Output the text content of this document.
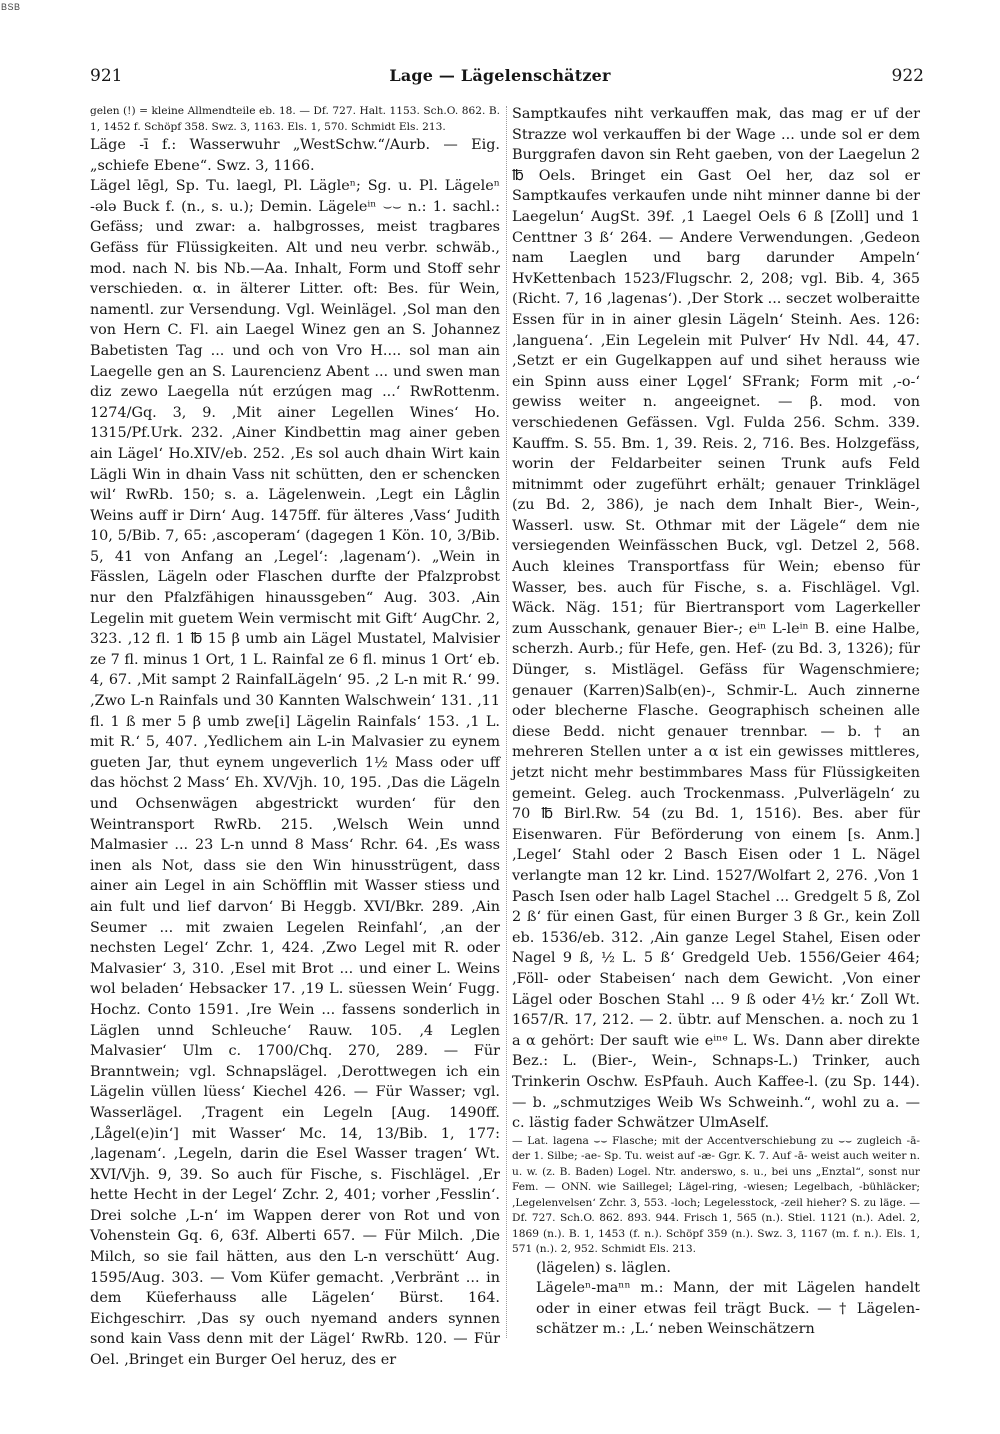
BSB
921	Lage — Lägelenschätzer	922

gelen (!) = kleine Allmendteile eb. 18. — Df. 727. Halt. 1153. Sch.O. 862. B. 1, 1452 f. Schöpf 358. Swz. 3, 1163. Els. 1, 570. Schmidt Els. 213.

Läge -ī f.: Wasserwuhr „WestSchw.“/Aurb. — Eig. „schiefe Ebene“. Swz. 3, 1166.

Lägel lēgl, Sp. Tu. laegl, Pl. Lägleⁿ; Sg. u. Pl. Lägeleⁿ -ələ Buck f. (n., s. u.); Demin. Lägeleⁱⁿ ⌣⌣ n.: 1. sachl.: Gefäss; und zwar: a. halbgrosses, meist tragbares Gefäss für Flüssigkeiten. Alt und neu verbr. schwäb., mod. nach N. bis Nb.—Aa. Inhalt, Form und Stoff sehr verschieden. α. in älterer Litter. oft: Bes. für Wein, namentl. zur Versendung. Vgl. Weinlägel. ‚Sol man den von Hern C. Fl. ain Laegel Winez gen an S. Johannez Babetisten Tag ... und och von Vro H.... sol man ain Laegelle gen an S. Laurencienz Abent ... und swen man diz zewo Laegella nút erzúgen mag ...‘ RwRottenm. 1274/Gq. 3, 9. ‚Mit ainer Legellen Wines‘ Ho. 1315/Pf.Urk. 232. ‚Ainer Kindbettin mag ainer geben ain Lägel‘ Ho.XIV/eb. 252. ‚Es sol auch dhain Wirt kain Lägli Win in dhain Vass nit schütten, den er schencken wil‘ RwRb. 150; s. a. Lägelenwein. ‚Legt ein Låglin Weins auff ir Dirn‘ Aug. 1475ff. für älteres ‚Vass‘ Judith 10, 5/Bib. 7, 65: ‚ascoperam‘ (dagegen 1 Kön. 10, 3/Bib. 5, 41 von Anfang an ‚Legel‘: ‚lagenam‘). „Wein in Fässlen, Lägeln oder Flaschen durfte der Pfalzprobst nur den Pfalzfähigen hinaussgeben“ Aug. 303. ‚Ain Legelin mit guetem Wein vermischt mit Gift‘ AugChr. 2, 323. ‚12 fl. 1 ℔ 15 β umb ain Lägel Mustatel, Malvisier ze 7 fl. minus 1 Ort, 1 L. Rainfal ze 6 fl. minus 1 Ort‘ eb. 4, 67. ‚Mit sampt 2 RainfalLägeln‘ 95. ‚2 L-n mit R.‘ 99. ‚Zwo L-n Rainfals und 30 Kannten Walschwein‘ 131. ‚11 fl. 1 ß mer 5 β umb zwe[i] Lägelin Rainfals‘ 153. ‚1 L. mit R.‘ 5, 407. ‚Yedlichem ain L-in Malvasier zu eynem gueten Jar, thut eynem ungeverlich 1½ Mass oder uff das höchst 2 Mass‘ Eh. XV/Vjh. 10, 195. ‚Das die Lägeln und Ochsenwägen abgestrickt wurden‘ für den Weintransport RwRb. 215. ‚Welsch Wein unnd Malmasier ... 23 L-n unnd 8 Mass‘ Rchr. 64. ‚Es wass inen als Not, dass sie den Win hinusstrügent, dass ainer ain Legel in ain Schöfflin mit Wasser stiess und ain fult und lief darvon‘ Bi Heggb. XVI/Bkr. 289. ‚Ain Seumer ... mit zwaien Legelen Reinfahl‘, ‚an der nechsten Legel‘ Zchr. 1, 424. ‚Zwo Legel mit R. oder Malvasier‘ 3, 310. ‚Esel mit Brot ... und einer L. Weins wol beladen‘ Hebsacker 17. ‚19 L. süessen Wein‘ Fugg. Hochz. Conto 1591. ‚Ire Wein ... fassens sonderlich in Läglen unnd Schleuche‘ Rauw. 105. ‚4 Leglen Malvasier‘ Ulm c. 1700/Chq. 270, 289. — Für Branntwein; vgl. Schnapslägel. ‚Derottwegen ich ein Lägelin vüllen lüess‘ Kiechel 426. — Für Wasser; vgl. Wasserlägel. ‚Tragent ein Legeln [Aug. 1490ff. ‚Lågel(e)in‘] mit Wasser‘ Mc. 14, 13/Bib. 1, 177: ‚lagenam‘. ‚Legeln, darin die Esel Wasser tragen‘ Wt. XVI/Vjh. 9, 39. So auch für Fische, s. Fischlägel. ‚Er hette Hecht in der Legel‘ Zchr. 2, 401; vorher ‚Fesslin‘. Drei solche ‚L-n‘ im Wappen derer von Rot und von Vohenstein Gq. 6, 63f. Alberti 657. — Für Milch. ‚Die Milch, so sie fail hätten, aus den L-n verschütt‘ Aug. 1595/Aug. 303. — Vom Küfer gemacht. ‚Verbränt ... in dem Küeferhauss alle Lägelen‘ Bürst. 164. Eichgeschirr. ‚Das sy ouch nyemand anders synnen sond kain Vass denn mit der Lägel‘ RwRb. 120. — Für Oel. ‚Bringet ein Burger Oel heruz, des er

Samptkaufes niht verkauffen mak, das mag er uf der Strazze wol verkauffen bi der Wage ... unde sol er dem Burggrafen davon sin Reht gaeben, von der Laegelun 2 ℔ Oels. Bringet ein Gast Oel her, daz sol er Samptkaufes verkaufen unde niht minner danne bi der Laegelun‘ AugSt. 39f. ‚1 Laegel Oels 6 ß [Zoll] und 1 Centtner 3 ß‘ 264. — Andere Verwendungen. ‚Gedeon nam Laeglen und barg darunder Ampeln‘ HvKettenbach 1523/Flugschr. 2, 208; vgl. Bib. 4, 365 (Richt. 7, 16 ‚lagenas‘). ‚Der Stork ... seczet wolberaitte Essen für in in ainer glesin Lägeln‘ Steinh. Aes. 126: ‚languena‘. ‚Ein Legelein mit Pulver‘ Hv Ndl. 44, 47. ‚Setzt er ein Gugelkappen auf und sihet herauss wie ein Spinn auss einer Lǫgel‘ SFrank; Form mit ‚-o-‘ gewiss weiter n. angeeignet. — β. mod. von verschiedenen Gefässen. Vgl. Fulda 256. Schm. 339. Kauffm. S. 55. Bm. 1, 39. Reis. 2, 716. Bes. Holzgefäss, worin der Feldarbeiter seinen Trunk aufs Feld mitnimmt oder zugeführt erhält; genauer Trinklägel (zu Bd. 2, 386), je nach dem Inhalt Bier-, Wein-, Wasserl. usw. St. Othmar mit der Lägele“ dem nie versiegenden Weinfässchen Buck, vgl. Detzel 2, 568. Auch kleines Transportfass für Wein; ebenso für Wasser, bes. auch für Fische, s. a. Fischlägel. Vgl. Wäck. Näg. 151; für Biertransport vom Lagerkeller zum Ausschank, genauer Bier-; eⁱⁿ L-leⁱⁿ B. eine Halbe, scherzh. Aurb.; für Hefe, gen. Hef- (zu Bd. 3, 1326); für Dünger, s. Mistlägel. Gefäss für Wagenschmiere; genauer (Karren)Salb(en)-, Schmir-L. Auch zinnerne oder blecherne Flasche. Geographisch scheinen alle diese Bedd. nicht genauer trennbar. — b. † an mehreren Stellen unter a α ist ein gewisses mittleres, jetzt nicht mehr bestimmbares Mass für Flüssigkeiten gemeint. Geleg. auch Trockenmass. ‚Pulverlägeln‘ zu 70 ℔ Birl.Rw. 54 (zu Bd. 1, 1516). Bes. aber für Eisenwaren. Für Beförderung von einem [s. Anm.] ‚Legel‘ Stahl oder 2 Basch Eisen oder 1 L. Nägel verlangte man 12 kr. Lind. 1527/Wolfart 2, 276. ‚Von 1 Pasch Isen oder halb Lagel Stachel ... Gredgelt 5 ß, Zol 2 ß‘ für einen Gast, für einen Burger 3 ß Gr., kein Zoll eb. 1536/eb. 312. ‚Ain ganze Legel Stahel, Eisen oder Nagel 9 ß, ½ L. 5 ß‘ Gredgeld Ueb. 1556/Geier 464; ‚Föll- oder Stabeisen‘ nach dem Gewicht. ‚Von einer Lägel oder Boschen Stahl ... 9 ß oder 4½ kr.‘ Zoll Wt. 1657/R. 17, 212. — 2. übtr. auf Menschen. a. noch zu 1 a α gehört: Der sauft wie eⁱⁿᵉ L. Ws. Dann aber direkte Bez.: L. (Bier-, Wein-, Schnaps-L.) Trinker, auch Trinkerin Oschw. EsPfauh. Auch Kaffee-l. (zu Sp. 144). — b. „schmutziges Weib Ws Schweinh.“, wohl zu a. — c. lästig fader Schwätzer UlmAself.

— Lat. lagena ⌣⌣ Flasche; mit der Accentverschiebung zu ⌣⌣ zugleich -ā- der 1. Silbe; -ae- Sp. Tu. weist auf -æ- Ggr. K. 7. Auf -ā- weist auch weiter n. u. w. (z. B. Baden) Logel. Ntr. anderswo, s. u., bei uns „Enztal“, sonst nur Fem. — ONN. wie Saillegel; Lägel-ring, -wiesen; Legelbach, -bühläcker; ‚Legelenvelsen‘ Zchr. 3, 553. -loch; Legelesstock, -zeil hieher? S. zu läge. — Df. 727. Sch.O. 862. 893. 944. Frisch 1, 565 (n.). Stiel. 1121 (n.). Adel. 2, 1869 (n.). B. 1, 1453 (f. n.). Schöpf 359 (n.). Swz. 3, 1167 (m. f. n.). Els. 1, 571 (n.). 2, 952. Schmidt Els. 213.

(lägelen) s. läglen.

Lägeleⁿ-maⁿⁿ m.: Mann, der mit Lägelen handelt oder in einer etwas feil trägt Buck. — † Lägelen-schätzer m.: ‚L.‘ neben Weinschätzern
